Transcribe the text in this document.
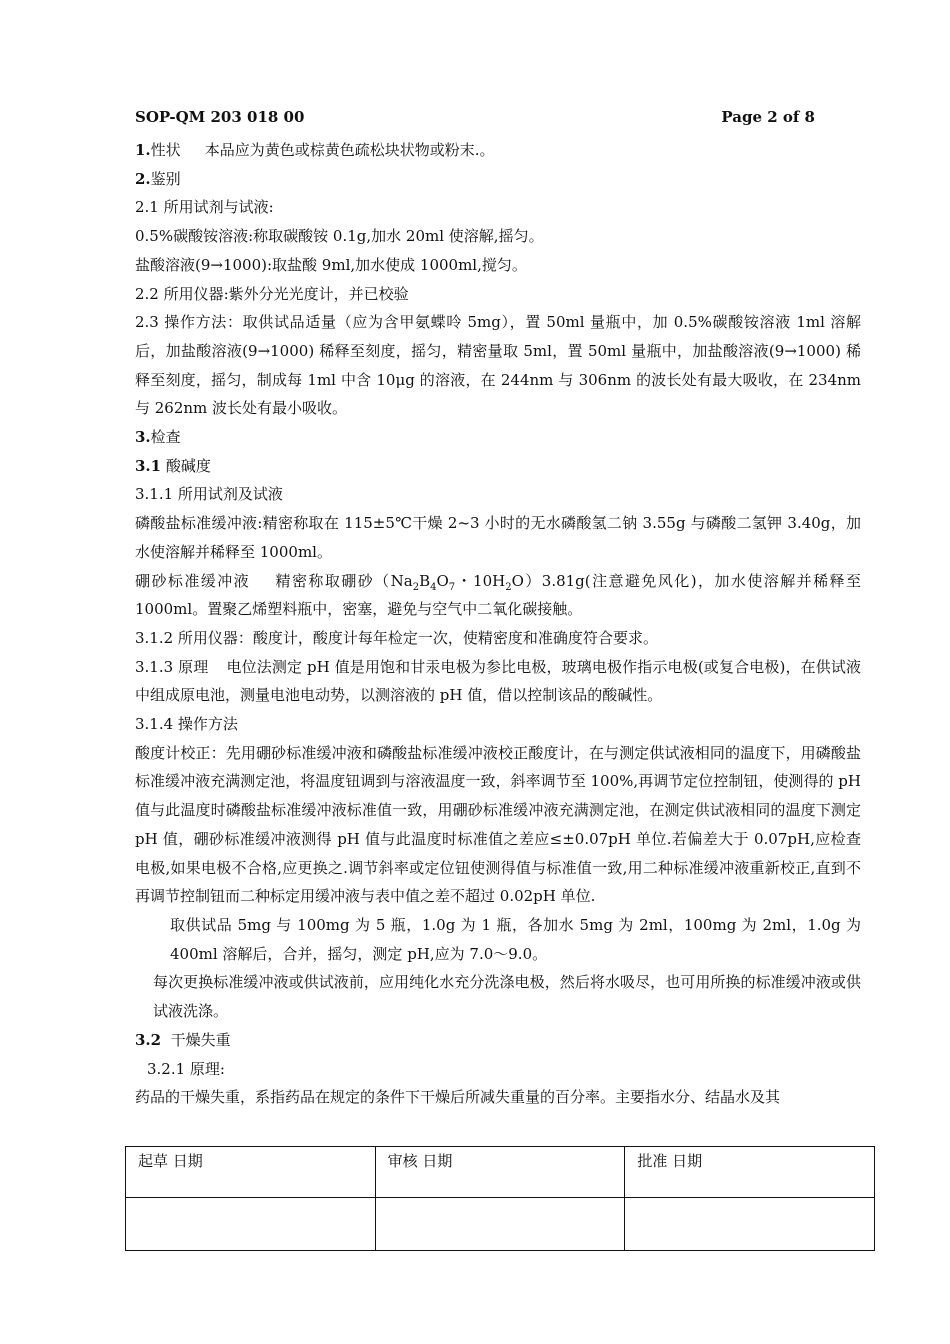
SOP-QM 203 018 00	Page 2 of 8

1.性状 本品应为黄色或棕黄色疏松块状物或粉末.。

2.鉴别

2.1 所用试剂与试液:

0.5%碳酸铵溶液:称取碳酸铵 0.1g,加水 20ml 使溶解,摇匀。

盐酸溶液(9→1000):取盐酸 9ml,加水使成 1000ml,搅匀。

2.2 所用仪器:紫外分光光度计，并已校验

2.3 操作方法：取供试品适量（应为含甲氨蝶呤 5mg），置 50ml 量瓶中，加 0.5%碳酸铵溶液 1ml 溶解后，加盐酸溶液(9→1000) 稀释至刻度，摇匀，精密量取 5ml，置 50ml 量瓶中，加盐酸溶液(9→1000) 稀释至刻度，摇匀，制成每 1ml 中含 10μg 的溶液，在 244nm 与 306nm 的波长处有最大吸收，在 234nm 与 262nm 波长处有最小吸收。

3.检查

3.1 酸碱度

3.1.1 所用试剂及试液

磷酸盐标准缓冲液:精密称取在 115±5℃干燥 2~3 小时的无水磷酸氢二钠 3.55g 与磷酸二氢钾 3.40g，加水使溶解并稀释至 1000ml。

硼砂标准缓冲液 精密称取硼砂（$Na_2B_4O_7$・$10H_2O)3.81g$(注意避免风化)，加水使溶解并稀释至 1000ml。置聚乙烯塑料瓶中，密塞，避免与空气中二氧化碳接触。

3.1.2 所用仪器：酸度计，酸度计每年检定一次，使精密度和准确度符合要求。

3.1.3 原理 电位法测定 pH 值是用饱和甘汞电极为参比电极，玻璃电极作指示电极(或复合电极)，在供试液中组成原电池，测量电池电动势，以测溶液的 pH 值，借以控制该品的酸碱性。

3.1.4 操作方法

酸度计校正：先用硼砂标准缓冲液和磷酸盐标准缓冲液校正酸度计，在与测定供试液相同的温度下，用磷酸盐标准缓冲液充满测定池，将温度钮调到与溶液温度一致，斜率调节至 100%,再调节定位控制钮，使测得的 pH 值与此温度时磷酸盐标准缓冲液标准值一致，用硼砂标准缓冲液充满测定池，在测定供试液相同的温度下测定 pH 值，硼砂标准缓冲液测得 pH 值与此温度时标准值之差应≤±0.07pH 单位.若偏差大于 0.07pH,应检查电极,如果电极不合格,应更换之.调节斜率或定位钮使测得值与标准值一致,用二种标准缓冲液重新校正,直到不再调节控制钮而二种标定用缓冲液与表中值之差不超过 0.02pH 单位.

取供试品 5mg 与 100mg 为 5 瓶，1.0g 为 1 瓶，各加水 5mg 为 2ml，100mg 为 2ml，1.0g 为 400ml 溶解后，合并，摇匀，测定 pH,应为 7.0～9.0。

每次更换标准缓冲液或供试液前，应用纯化水充分洗涤电极，然后将水吸尽，也可用所换的标准缓冲液或供试液洗涤。

3.2 干燥失重

3.2.1 原理:

药品的干燥失重，系指药品在规定的条件下干燥后所减失重量的百分率。主要指水分、结晶水及其

起草 日期	审核 日期	批准 日期
